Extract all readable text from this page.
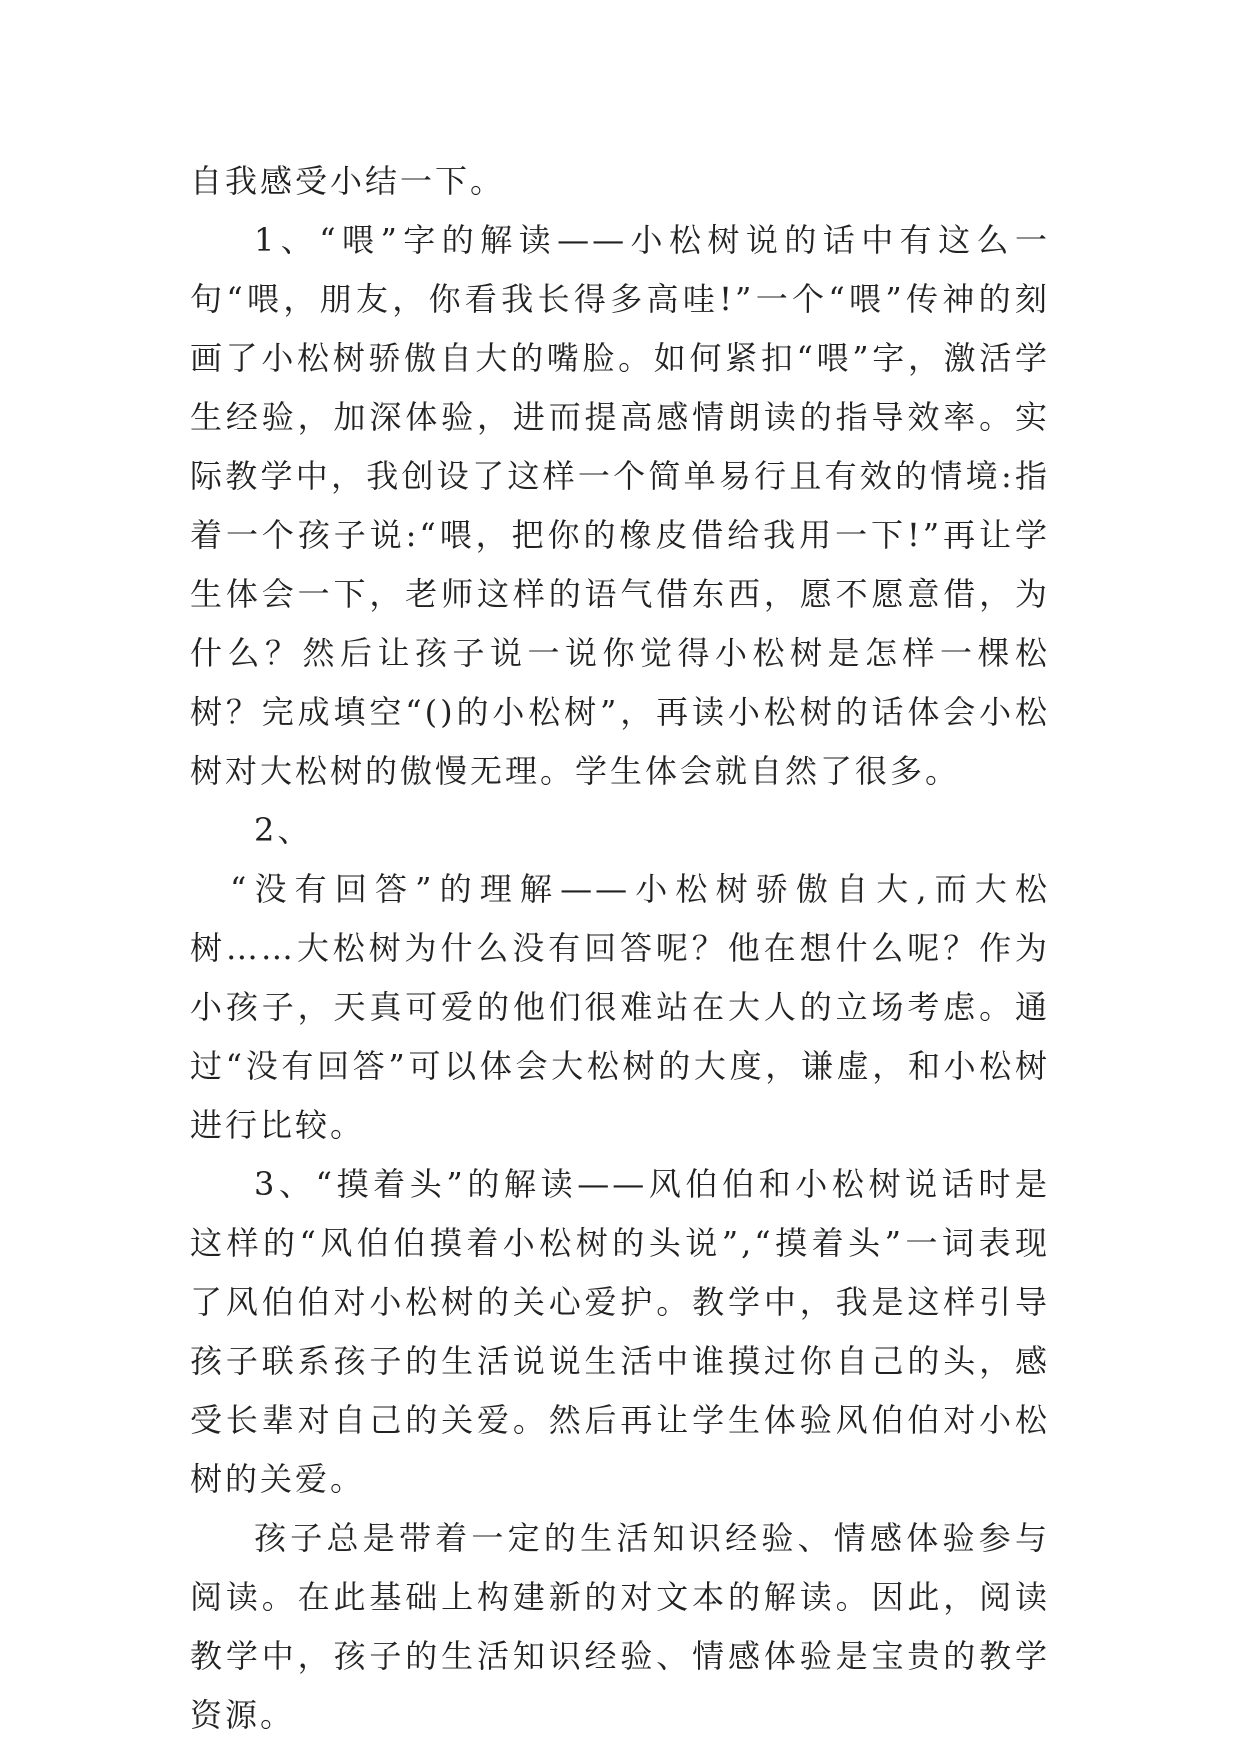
自我感受小结一下。

1、“喂”字的解读——小松树说的话中有这么一句“喂，朋友，你看我长得多高哇!”一个“喂”传神的刻画了小松树骄傲自大的嘴脸。如何紧扣“喂”字，激活学生经验，加深体验，进而提高感情朗读的指导效率。实际教学中，我创设了这样一个简单易行且有效的情境:指着一个孩子说:“喂，把你的橡皮借给我用一下!”再让学生体会一下，老师这样的语气借东西，愿不愿意借，为什么？然后让孩子说一说你觉得小松树是怎样一棵松树？完成填空“()的小松树”，再读小松树的话体会小松树对大松树的傲慢无理。学生体会就自然了很多。

2、

“没有回答”的理解——小松树骄傲自大,而大松树……大松树为什么没有回答呢？他在想什么呢？作为小孩子，天真可爱的他们很难站在大人的立场考虑。通过“没有回答”可以体会大松树的大度，谦虚，和小松树进行比较。

3、“摸着头”的解读——风伯伯和小松树说话时是这样的“风伯伯摸着小松树的头说”,“摸着头”一词表现了风伯伯对小松树的关心爱护。教学中，我是这样引导孩子联系孩子的生活说说生活中谁摸过你自己的头，感受长辈对自己的关爱。然后再让学生体验风伯伯对小松树的关爱。

孩子总是带着一定的生活知识经验、情感体验参与阅读。在此基础上构建新的对文本的解读。因此，阅读教学中，孩子的生活知识经验、情感体验是宝贵的教学资源。
